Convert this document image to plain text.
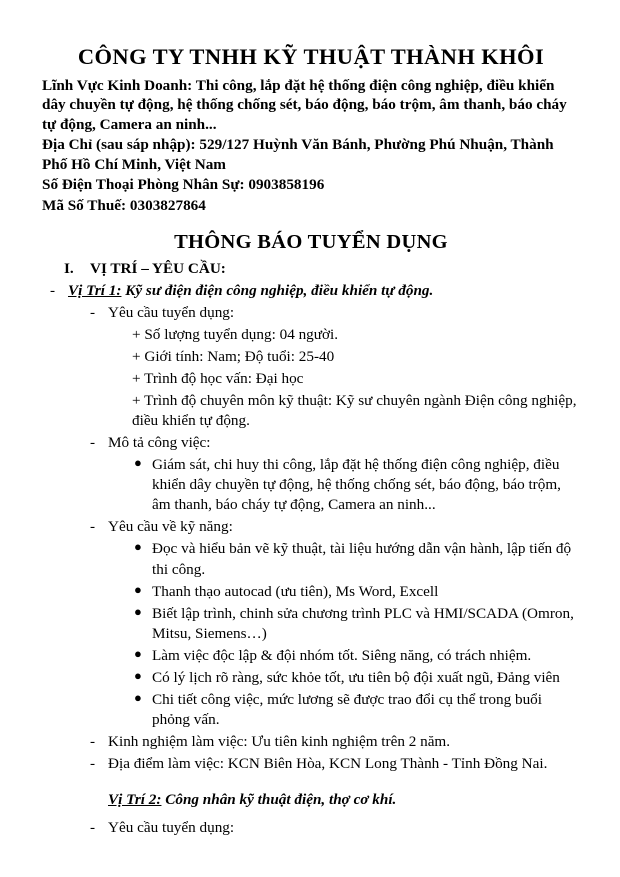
CÔNG TY TNHH KỸ THUẬT THÀNH KHÔI
Lĩnh Vực Kinh Doanh: Thi công, lắp đặt hệ thống điện công nghiệp, điều khiển dây chuyền tự động, hệ thống chống sét, báo động, báo trộm, âm thanh, báo cháy tự động, Camera an ninh...
Địa Chỉ (sau sáp nhập): 529/127 Huỳnh Văn Bánh, Phường Phú Nhuận, Thành Phố Hồ Chí Minh, Việt Nam
Số Điện Thoại Phòng Nhân Sự: 0903858196
Mã Số Thuế: 0303827864
THÔNG BÁO TUYỂN DỤNG
I. VỊ TRÍ – YÊU CẦU:
- Vị Trí 1: Kỹ sư điện điện công nghiệp, điều khiển tự động.
- Yêu cầu tuyển dụng:
+ Số lượng tuyển dụng: 04 người.
+ Giới tính: Nam; Độ tuổi: 25-40
+ Trình độ học vấn: Đại học
+ Trình độ chuyên môn kỹ thuật: Kỹ sư chuyên ngành Điện công nghiệp, điều khiển tự động.
- Mô tả công việc:
● Giám sát, chi huy thi công, lắp đặt hệ thống điện công nghiệp, điều khiển dây chuyền tự động, hệ thống chống sét, báo động, báo trộm, âm thanh, báo cháy tự động, Camera an ninh...
- Yêu cầu về kỹ năng:
● Đọc và hiểu bản vẽ kỹ thuật, tài liệu hướng dẫn vận hành, lập tiến độ thi công.
● Thanh thạo autocad (ưu tiên), Ms Word, Excell
● Biết lập trình, chinh sửa chương trình PLC và HMI/SCADA (Omron, Mitsu, Siemens…)
● Làm việc độc lập & đội nhóm tốt. Siêng năng, có trách nhiệm.
● Có lý lịch rõ ràng, sức khỏe tốt, ưu tiên bộ đội xuất ngũ, Đảng viên
● Chi tiết công việc, mức lương sẽ được trao đổi cụ thể trong buổi phỏng vấn.
- Kinh nghiệm làm việc: Ưu tiên kinh nghiệm trên 2 năm.
- Địa điểm làm việc: KCN Biên Hòa, KCN Long Thành - Tỉnh Đồng Nai.
Vị Trí 2: Công nhân kỹ thuật điện, thợ cơ khí.
- Yêu cầu tuyển dụng:
